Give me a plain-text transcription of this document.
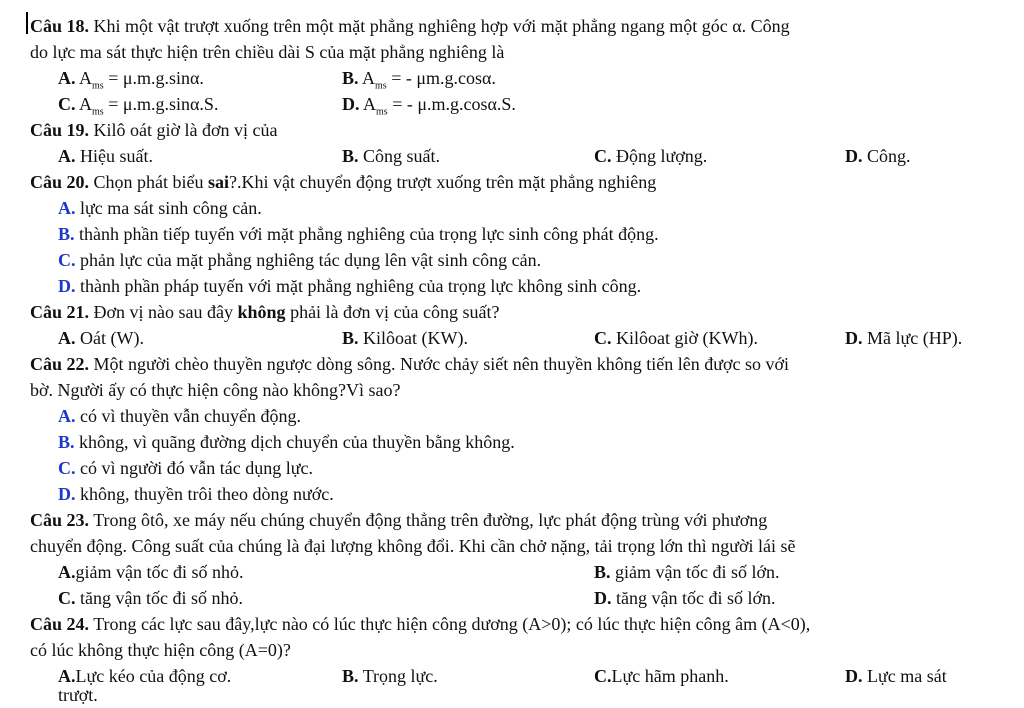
Câu 18. Khi một vật trượt xuống trên một mặt phẳng nghiêng hợp với mặt phẳng ngang một góc α. Công
do lực ma sát thực hiện trên chiều dài S của mặt phẳng nghiêng là
A. $A_{ms} = \mu.m.g.\sin\alpha$.	B. $A_{ms}$ = - μm.g.cosα.
C. $A_{ms} = \mu.m.g.\sin\alpha.S$.	D. $A_{ms}$ = - μ.m.g.cosα.S.
Câu 19. Kilô oát giờ là đơn vị của
A. Hiệu suất.	B. Công suất.	C. Động lượng.	D. Công.
Câu 20. Chọn phát biểu sai?.Khi vật chuyển động trượt xuống trên mặt phẳng nghiêng
A. lực ma sát sinh công cản.
B. thành phần tiếp tuyến với mặt phẳng nghiêng của trọng lực sinh công phát động.
C. phản lực của mặt phẳng nghiêng tác dụng lên vật sinh công cản.
D. thành phần pháp tuyến với mặt phẳng nghiêng của trọng lực không sinh công.
Câu 21. Đơn vị nào sau đây không phải là đơn vị của công suất?
A. Oát (W).	B. Kilôoat (KW).	C. Kilôoat giờ (KWh).	D. Mã lực (HP).
Câu 22. Một người chèo thuyền ngược dòng sông. Nước chảy siết nên thuyền không tiến lên được so với
bờ. Người ấy có thực hiện công nào không?Vì sao?
A. có vì thuyền vẫn chuyển động.
B. không, vì quãng đường dịch chuyển của thuyền bằng không.
C. có vì người đó vẫn tác dụng lực.
D. không, thuyền trôi theo dòng nước.
Câu 23. Trong ôtô, xe máy nếu chúng chuyển động thẳng trên đường, lực phát động trùng với phương
chuyển động. Công suất của chúng là đại lượng không đổi. Khi cần chở nặng, tải trọng lớn thì người lái sẽ
A.giảm vận tốc đi số nhỏ.	B. giảm vận tốc đi số lớn.
C. tăng vận tốc đi số nhỏ.	D. tăng vận tốc đi số lớn.
Câu 24. Trong các lực sau đây,lực nào có lúc thực hiện công dương (A>0); có lúc thực hiện công âm (A<0),
có lúc không thực hiện công (A=0)?
A.Lực kéo của động cơ.	B. Trọng lực.	C.Lực hãm phanh.	D. Lực ma sát
trượt.
